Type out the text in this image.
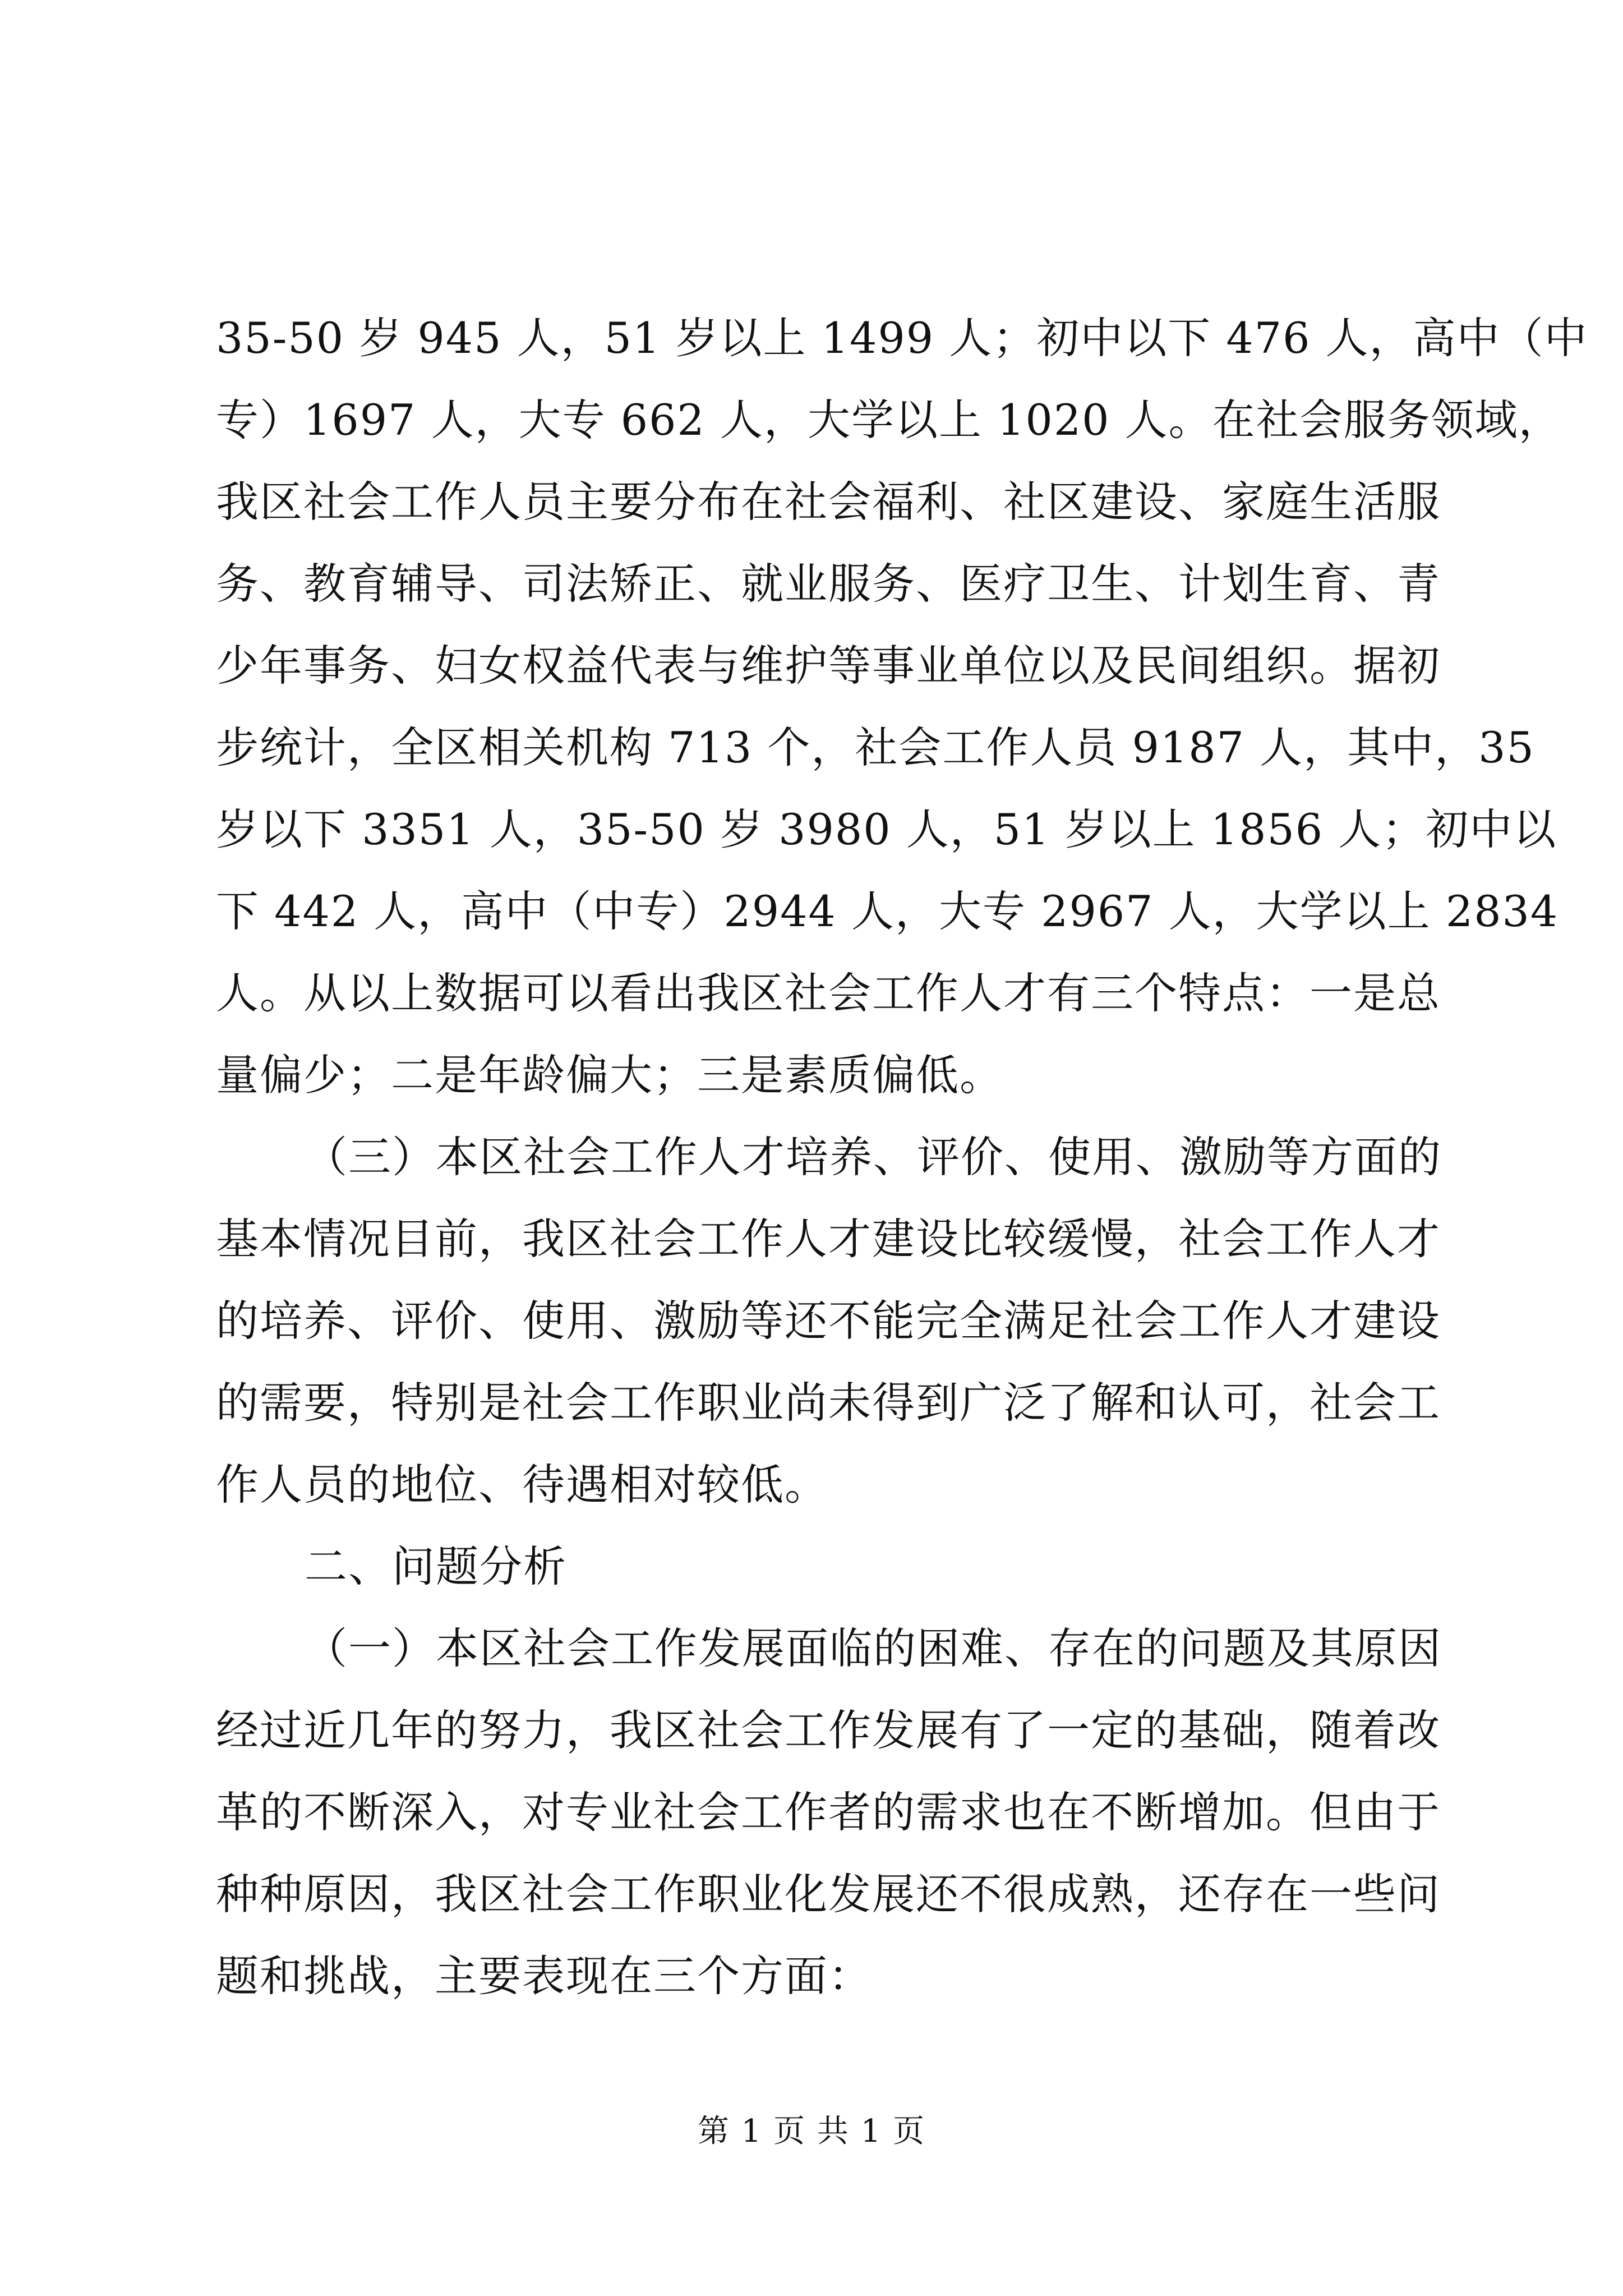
35-50 岁 945 人，51 岁以上 1499 人；初中以下 476 人，高中（中
专）1697 人，大专 662 人，大学以上 1020 人。在社会服务领域，
我区社会工作人员主要分布在社会福利、社区建设、家庭生活服
务、教育辅导、司法矫正、就业服务、医疗卫生、计划生育、青
少年事务、妇女权益代表与维护等事业单位以及民间组织。据初
步统计，全区相关机构 713 个，社会工作人员 9187 人，其中，35
岁以下 3351 人，35-50 岁 3980 人，51 岁以上 1856 人；初中以
下 442 人，高中（中专）2944 人，大专 2967 人，大学以上 2834
人。从以上数据可以看出我区社会工作人才有三个特点：一是总
量偏少；二是年龄偏大；三是素质偏低。
（三）本区社会工作人才培养、评价、使用、激励等方面的
基本情况目前，我区社会工作人才建设比较缓慢，社会工作人才
的培养、评价、使用、激励等还不能完全满足社会工作人才建设
的需要，特别是社会工作职业尚未得到广泛了解和认可，社会工
作人员的地位、待遇相对较低。
二、问题分析
（一）本区社会工作发展面临的困难、存在的问题及其原因
经过近几年的努力，我区社会工作发展有了一定的基础，随着改
革的不断深入，对专业社会工作者的需求也在不断增加。但由于
种种原因，我区社会工作职业化发展还不很成熟，还存在一些问
题和挑战，主要表现在三个方面：
第 1 页 共 1 页
